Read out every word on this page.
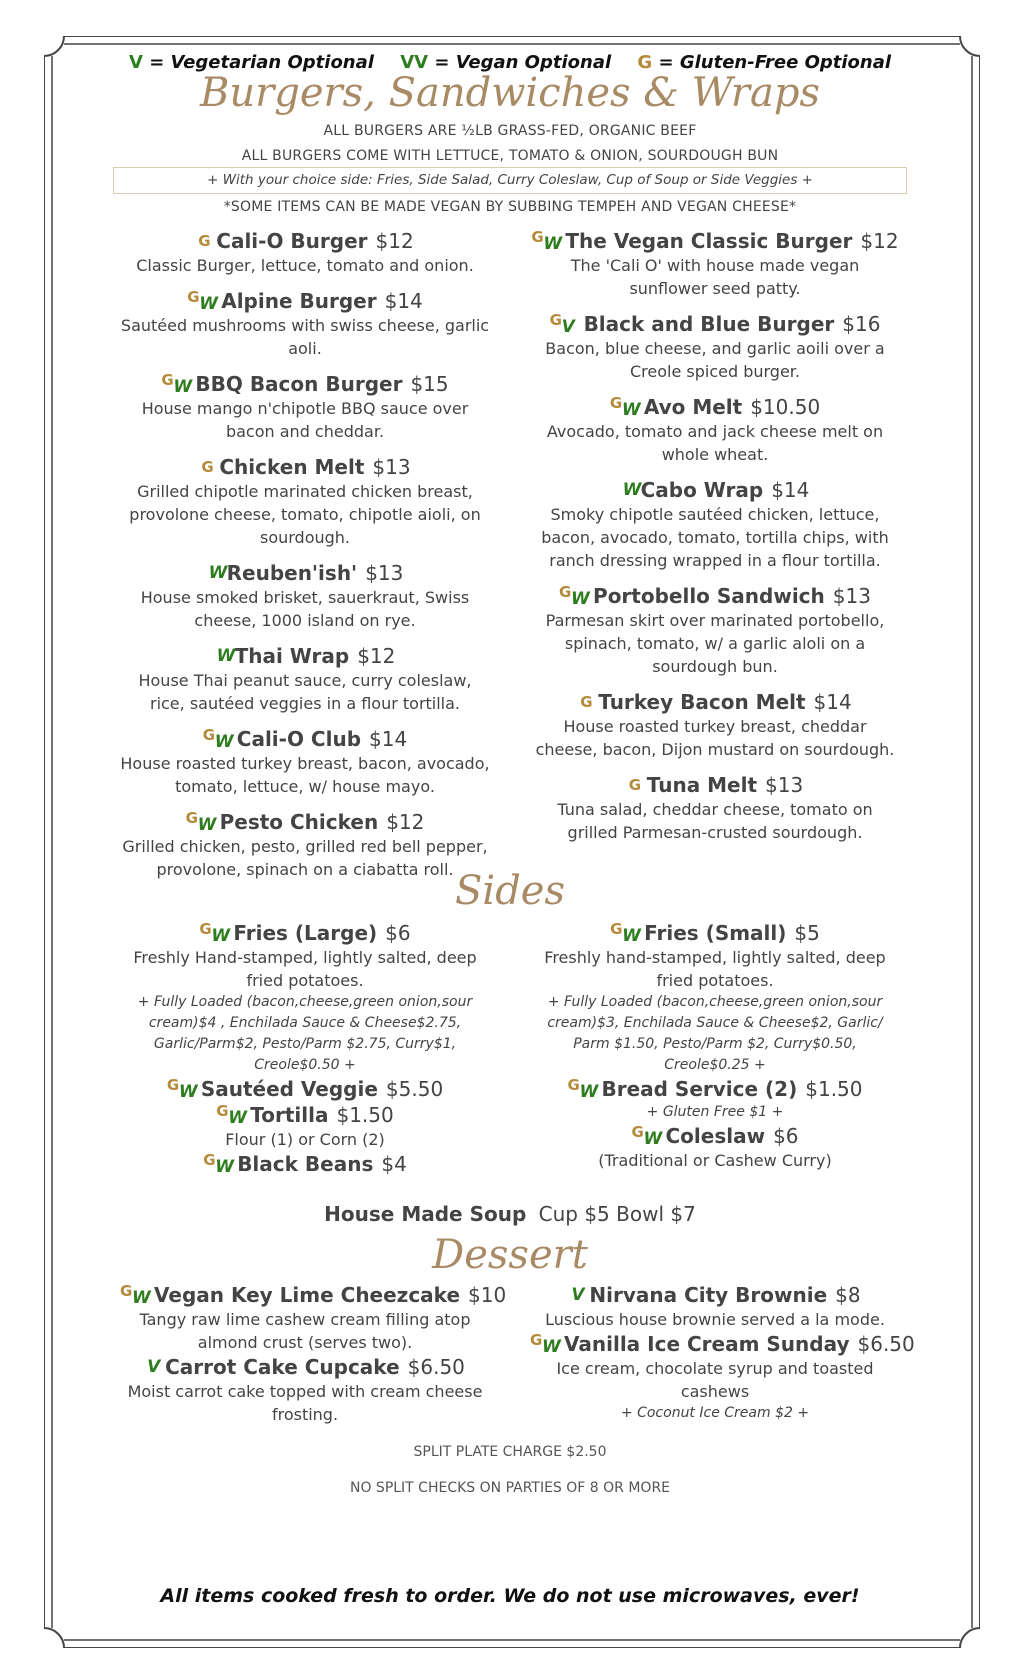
V = Vegetarian Optional VV = Vegan Optional G = Gluten-Free Optional
Burgers, Sandwiches & Wraps
ALL BURGERS ARE ½LB GRASS-FED, ORGANIC BEEF
ALL BURGERS COME WITH LETTUCE, TOMATO & ONION, SOURDOUGH BUN
+ With your choice side: Fries, Side Salad, Curry Coleslaw, Cup of Soup or Side Veggies +
*SOME ITEMS CAN BE MADE VEGAN BY SUBBING TEMPEH AND VEGAN CHEESE*
G Cali-O Burger $12
Classic Burger, lettuce, tomato and onion.
G W Alpine Burger $14
Sautéed mushrooms with swiss cheese, garlic aoli.
G W BBQ Bacon Burger $15
House mango n'chipotle BBQ sauce over bacon and cheddar.
G Chicken Melt $13
Grilled chipotle marinated chicken breast, provolone cheese, tomato, chipotle aioli, on sourdough.
W Reuben'ish' $13
House smoked brisket, sauerkraut, Swiss cheese, 1000 island on rye.
W Thai Wrap $12
House Thai peanut sauce, curry coleslaw, rice, sautéed veggies in a flour tortilla.
G W Cali-O Club $14
House roasted turkey breast, bacon, avocado, tomato, lettuce, w/ house mayo.
G W Pesto Chicken $12
Grilled chicken, pesto, grilled red bell pepper, provolone, spinach on a ciabatta roll.
G W The Vegan Classic Burger $12
The 'Cali O' with house made vegan sunflower seed patty.
G V Black and Blue Burger $16
Bacon, blue cheese, and garlic aoili over a Creole spiced burger.
G W Avo Melt $10.50
Avocado, tomato and jack cheese melt on whole wheat.
W Cabo Wrap $14
Smoky chipotle sautéed chicken, lettuce, bacon, avocado, tomato, tortilla chips, with ranch dressing wrapped in a flour tortilla.
G W Portobello Sandwich $13
Parmesan skirt over marinated portobello, spinach, tomato, w/ a garlic aloli on a sourdough bun.
G Turkey Bacon Melt $14
House roasted turkey breast, cheddar cheese, bacon, Dijon mustard on sourdough.
G Tuna Melt $13
Tuna salad, cheddar cheese, tomato on grilled Parmesan-crusted sourdough.
Sides
G W Fries (Large) $6
Freshly Hand-stamped, lightly salted, deep fried potatoes.
+ Fully Loaded (bacon,cheese,green onion,sour cream)$4 , Enchilada Sauce & Cheese$2.75, Garlic/Parm$2, Pesto/Parm $2.75, Curry$1, Creole$0.50 +
G W Sautéed Veggie $5.50
G W Tortilla $1.50
Flour (1) or Corn (2)
G W Black Beans $4
G W Fries (Small) $5
Freshly hand-stamped, lightly salted, deep fried potatoes.
+ Fully Loaded (bacon,cheese,green onion,sour cream)$3, Enchilada Sauce & Cheese$2, Garlic/ Parm $1.50, Pesto/Parm $2, Curry$0.50, Creole$0.25 +
G W Bread Service (2) $1.50
+ Gluten Free $1 +
G W Coleslaw $6
(Traditional or Cashew Curry)
House Made Soup Cup $5 Bowl $7
Dessert
G W Vegan Key Lime Cheezcake $10
Tangy raw lime cashew cream filling atop almond crust (serves two).
V Carrot Cake Cupcake $6.50
Moist carrot cake topped with cream cheese frosting.
V Nirvana City Brownie $8
Luscious house brownie served a la mode.
G W Vanilla Ice Cream Sunday $6.50
Ice cream, chocolate syrup and toasted cashews
+ Coconut Ice Cream $2 +
SPLIT PLATE CHARGE $2.50
NO SPLIT CHECKS ON PARTIES OF 8 OR MORE
All items cooked fresh to order. We do not use microwaves, ever!
